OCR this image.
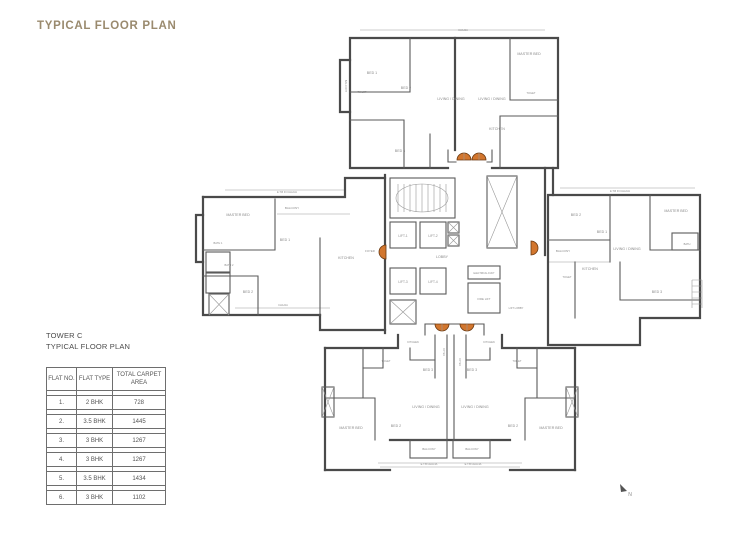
TYPICAL FLOOR PLAN
TOWER C
TYPICAL FLOOR PLAN
FLAT NO.	FLAT TYPE	TOTAL CARPET AREA

1.	2 BHK	728

2.	3.5 BHK	1445

3.	3 BHK	1267

4.	3 BHK	1267

5.	3.5 BHK	1434

6.	3 BHK	1102
CHAJJA
BED 1
BED 2
LIVING / DINING	LIVING / DINING
MASTER BED
KITCHEN
TOILET
TOILET
BED 3
BALCONY
LIFT-1	LIFT-2
LIFT-3	LIFT-4
LOBBY
ELECTRICAL DUCT
FIRE LIFT
LIFT LOBBY
E.T.B IN CHAJJA
BALCONY
MASTER BED
BED 1
BATH 1
BATH 2
BED 2
KITCHEN
FOYER
CHAJJA
E.T.B IN CHAJJA
BED 2
BED 1
LIVING / DINING
MASTER BED
BALCONY
KITCHEN
BATH
BED 3
TOILET
FOYER
FOYER
KITCHEN	KITCHEN
BED 3	BED 3
LIVING / DINING	LIVING / DINING
BED 2	BED 2
MASTER BED	MASTER BED
BALCONY	BALCONY
E.T.B CHAJJA	E.T.B CHAJJA
TOILET	TOILET
N
